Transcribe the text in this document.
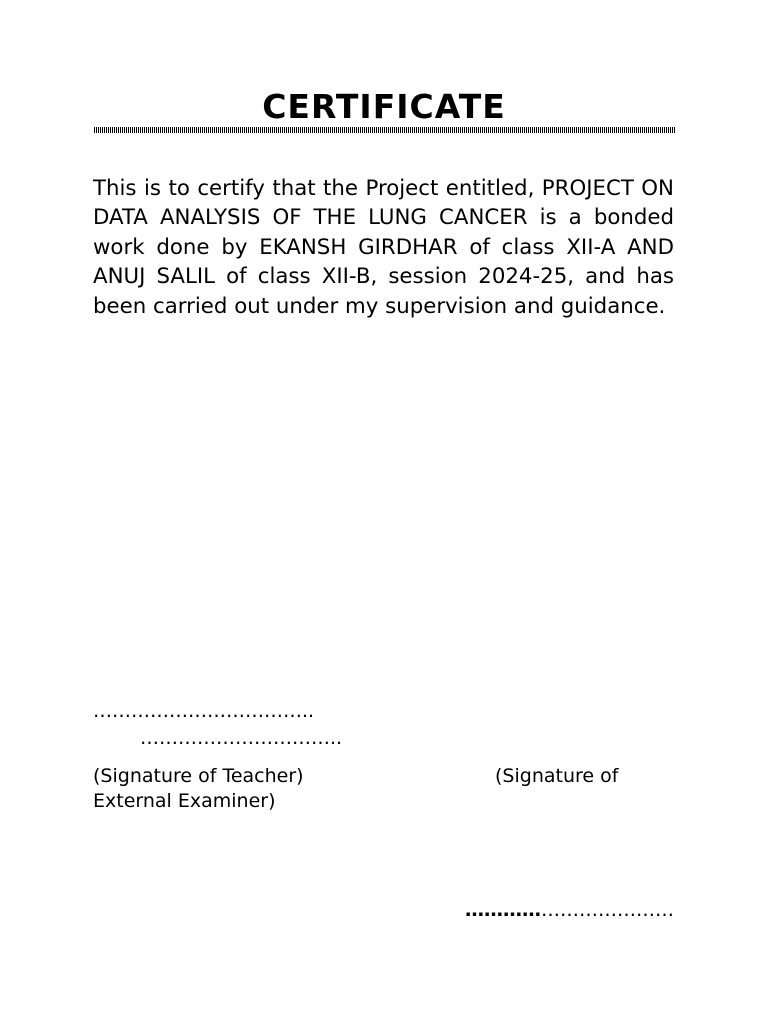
CERTIFICATE

This is to certify that the Project entitled, PROJECT ON DATA ANALYSIS OF THE LUNG CANCER is a bonded work done by EKANSH GIRDHAR of class XII-A AND ANUJ SALIL of class XII-B, session 2024-25, and has been carried out under my supervision and guidance.

……………………………..

…………………………..

(Signature of Teacher)	(Signature of External Examiner)

……………………………
